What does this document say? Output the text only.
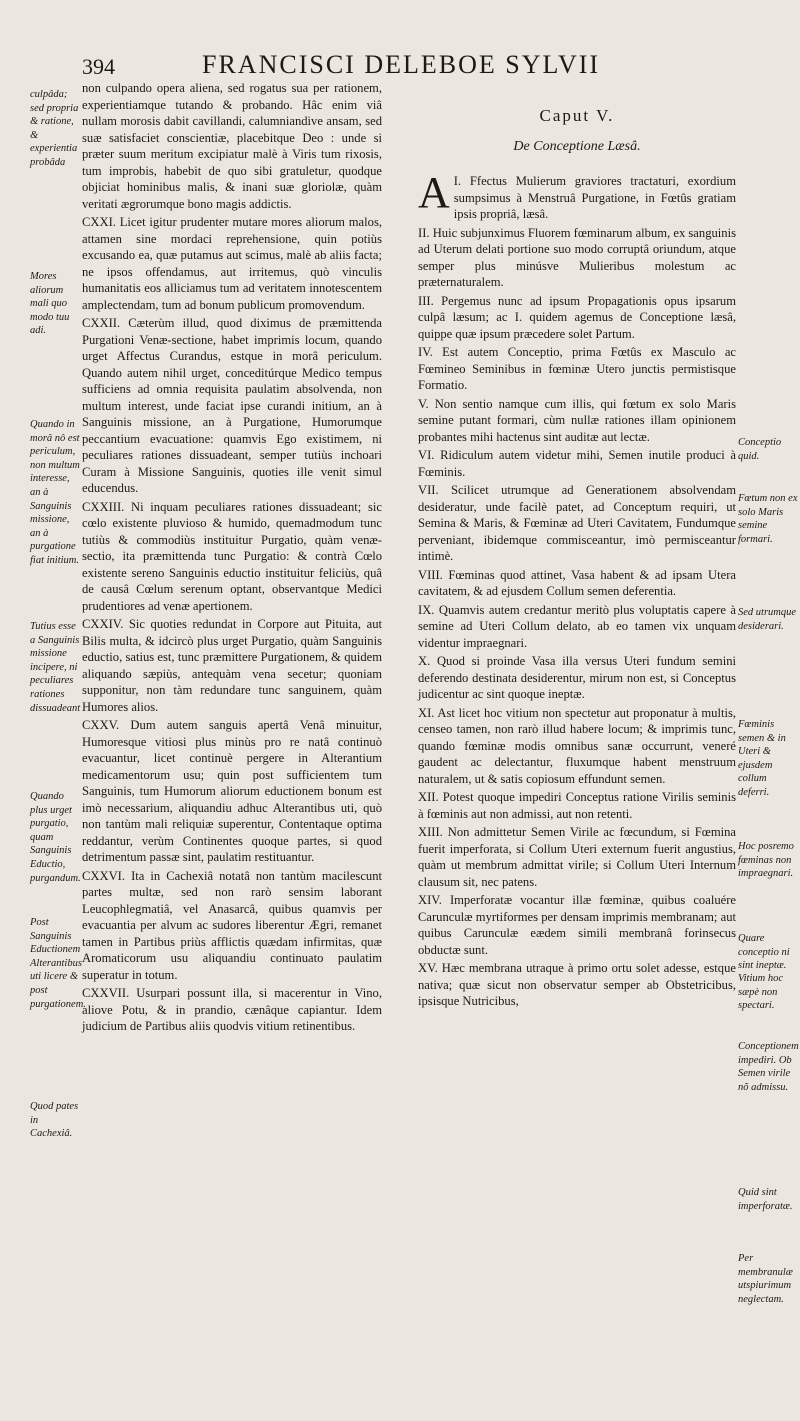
394	FRANCISCI DELEBOE SYLVII

non culpando opera aliena, sed rogatus sua per rationem, experientiamque tutando & probando. Hâc enim viâ nullam morosis dabit cavillandi, calumniandive ansam, sed suæ satisfaciet conscientiæ, placebitque Deo : unde si præter suum meritum excipiatur malè à Viris tum rixosis, tum improbis, habebit de quo sibi gratuletur, quodque objiciat hominibus malis, & inani suæ gloriolæ, quàm veritati ægrorumque bono magis addictis.

CXXI. Licet igitur prudenter mutare mores aliorum malos, attamen sine mordaci reprehensione, quin potiùs excusando ea, quæ putamus aut scimus, malè ab aliis facta; ne ipsos offendamus, aut irritemus, quò vinculis humanitatis eos alliciamus tum ad veritatem innotescentem amplectendam, tum ad bonum publicum promovendum.

CXXII. Cæterùm illud, quod diximus de præmittenda Purgationi Venæ-sectione, habet imprimis locum, quando urget Affectus Curandus, estque in morâ periculum. Quando autem nihil urget, conceditúrque Medico tempus sufficiens ad omnia requisita paulatim absolvenda, non multum interest, unde faciat ipse curandi initium, an à Sanguinis missione, an à Purgatione, Humorumque peccantium evacuatione: quamvis Ego existimem, ni peculiares rationes dissuadeant, semper tutiùs inchoari Curam à Missione Sanguinis, quoties ille venit simul educendus.

CXXIII. Ni inquam peculiares rationes dissuadeant; sic cœlo existente pluvioso & humido, quemadmodum tunc tutiùs & commodiùs instituitur Purgatio, quàm venæ-sectio, ita præmittenda tunc Purgatio: & contrà Cœlo existente sereno Sanguinis eductio instituitur feliciùs, quâ de causâ Cœlum serenum optant, observantque Medici prudentiores ad venæ apertionem.

CXXIV. Sic quoties redundat in Corpore aut Pituita, aut Bilis multa, & idcircò plus urget Purgatio, quàm Sanguinis eductio, satius est, tunc præmittere Purgationem, & quidem aliquando sæpiùs, antequàm vena secetur; quoniam supponitur, non tàm redundare tunc sanguinem, quàm Humores alios.

CXXV. Dum autem sanguis apertâ Venâ minuitur, Humoresque vitiosi plus minùs pro re natâ continuò evacuantur, licet continuè pergere in Alterantium medicamentorum usu; quin post sufficientem tum Sanguinis, tum Humorum aliorum eductionem bonum est imò necessarium, aliquandiu adhuc Alterantibus uti, quò non tantùm mali reliquiæ superentur, Contentaque optima reddantur, verùm Continentes quoque partes, si quod detrimentum passæ sint, paulatim restituantur.

CXXVI. Ita in Cachexiâ notatâ non tantùm macilescunt partes multæ, sed non rarò sensim laborant Leucophlegmatiâ, vel Anasarcâ, quibus quamvis per evacuantia per alvum ac sudores liberentur Ægri, remanet tamen in Partibus priùs afflictis quædam infirmitas, quæ Aromaticorum usu aliquandiu continuato paulatim superatur in totum.

CXXVII. Usurpari possunt illa, si macerentur in Vino, aliove Potu, & in prandio, cænâque capiantur. Idem judicium de Partibus aliis quodvis vitium retinentibus.

culpâda; sed propria & ratione, & experientia probâda
Mores aliorum mali quo modo tuu adi.
Quando in morâ nô est periculum, non multum interesse, an à Sanguinis missione, an à purgatione fiat initium.
Tutius esse a Sanguinis missione incipere, ni peculiares rationes dissuadeant
Quando plus urget purgatio, quam Sanguinis Eductio, purgandum.
Post Sanguinis Eductionem Alterantibus uti licere & post purgationem.
Quod pates in Cachexiâ.
Caput V.
De Conceptione Læsâ.

I.
A Ffectus Mulierum graviores tractaturi, exordium sumpsimus à Menstruâ Purgatione, in Fœtûs gratiam ipsis propriâ, læsâ.

II. Huic subjunximus Fluorem fœminarum album, ex sanguinis ad Uterum delati portione suo modo corruptâ oriundum, atque semper plus minúsve Mulieribus molestum ac præternaturalem.

III. Pergemus nunc ad ipsum Propagationis opus ipsarum culpâ læsum; ac I. quidem agemus de Conceptione læsâ, quippe quæ ipsum præcedere solet Partum.

IV. Est autem Conceptio, prima Fœtûs ex Masculo ac Fœmineo Seminibus in fœminæ Utero junctis permistisque Formatio.

V. Non sentio namque cum illis, qui fœtum ex solo Maris semine putant formari, cùm nullæ rationes illam opinionem probantes mihi hactenus sint auditæ aut lectæ.

VI. Ridiculum autem videtur mihi, Semen inutile produci à Fœminis.

VII. Scilicet utrumque ad Generationem absolvendam desideratur, unde facilè patet, ad Conceptum requiri, ut Semina & Maris, & Fœminæ ad Uteri Cavitatem, Fundumque perveniant, ibidemque commisceantur, imò permisceantur intimè.

VIII. Fœminas quod attinet, Vasa habent & ad ipsam Utera cavitatem, & ad ejusdem Collum semen deferentia.

IX. Quamvis autem credantur meritò plus voluptatis capere à semine ad Uteri Collum delato, ab eo tamen vix unquam videntur impraegnari.

X. Quod si proinde Vasa illa versus Uteri fundum semini deferendo destinata desiderentur, mirum non est, si Conceptus judicentur ac sint quoque ineptæ.

XI. Ast licet hoc vitium non spectetur aut proponatur à multis, censeo tamen, non rarò illud habere locum; & imprimis tunc, quando fœminæ modis omnibus sanæ occurrunt, veneré gaudent ac delectantur, fluxumque habent menstruum naturalem, ut & satis copiosum effundunt semen.

XII. Potest quoque impediri Conceptus ratione Virilis seminis à fœminis aut non admissi, aut non retenti.

XIII. Non admittetur Semen Virile ac fœcundum, si Fœmina fuerit imperforata, si Collum Uteri externum fuerit angustius, quàm ut membrum admittat virile; si Collum Uteri Internum clausum sit, nec patens.

XIV. Imperforatæ vocantur illæ fœminæ, quibus coaluére Carunculæ myrtiformes per densam imprimis membranam; aut quibus Carunculæ eædem simili membranâ forinsecus obductæ sunt.

XV. Hæc membrana utraque à primo ortu solet adesse, estque nativa; quæ sicut non observatur semper ab Obstetricibus, ipsisque Nutricibus,

Conceptio quid.
Fœtum non ex solo Maris semine formari.
Sed utrumque desiderari.
Fœminis semen & in Uteri & ejusdem collum deferri.
Hoc posremo fœminas non impraegnari.
Quare conceptio ni sint ineptæ.
Vitium hoc sæpè non spectari.
Conceptionem impediri. Ob Semen virile nõ admissu.
Quid sint imperforatæ.
Per membranulæ utspiurimum neglectam.
